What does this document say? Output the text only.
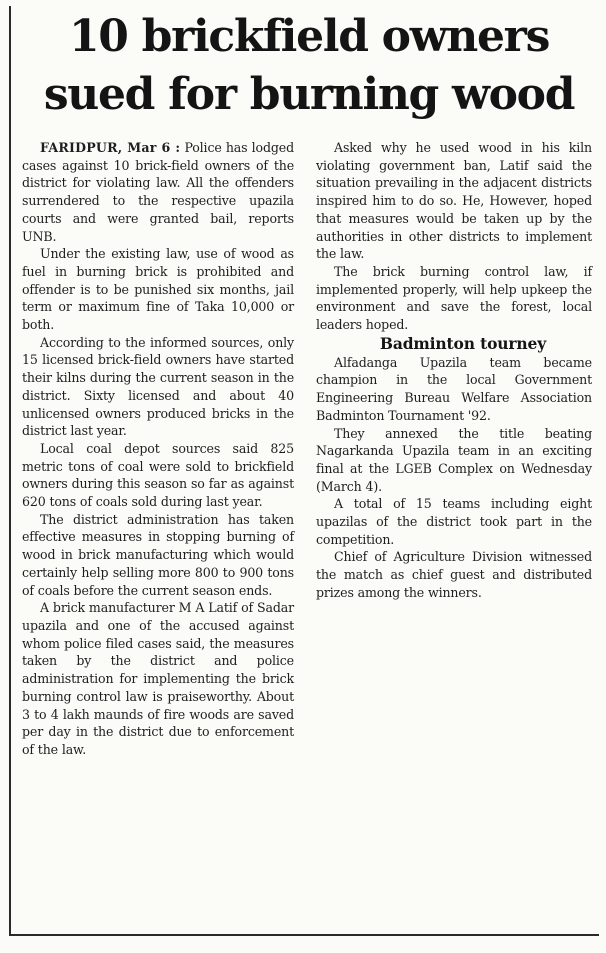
10 brickfield owners
sued for burning wood

FARIDPUR, Mar 6 : Police has lodged cases against 10 brick-field owners of the district for violating law. All the offenders surrendered to the respective upazila courts and were granted bail, reports UNB.

Under the existing law, use of wood as fuel in burning brick is prohibited and offender is to be punished six months, jail term or maximum fine of Taka 10,000 or both.

According to the informed sources, only 15 licensed brick-field owners have started their kilns during the current season in the district. Sixty licensed and about 40 unlicensed owners produced bricks in the district last year.

Local coal depot sources said 825 metric tons of coal were sold to brickfield owners during this season so far as against 620 tons of coals sold during last year.

The district administration has taken effective measures in stopping burning of wood in brick manufacturing which would certainly help selling more 800 to 900 tons of coals before the current season ends.

A brick manufacturer M A Latif of Sadar upazila and one of the accused against whom police filed cases said, the measures taken by the district and police administration for implementing the brick burning control law is praiseworthy. About 3 to 4 lakh maunds of fire woods are saved per day in the district due to enforcement of the law.

Asked why he used wood in his kiln violating government ban, Latif said the situation prevailing in the adjacent districts inspired him to do so. He, However, hoped that measures would be taken up by the authorities in other districts to implement the law.

The brick burning control law, if implemented properly, will help upkeep the environment and save the forest, local leaders hoped.

Badminton tourney

Alfadanga Upazila team became champion in the local Government Engineering Bureau Welfare Association Badminton Tournament '92.

They annexed the title beating Nagarkanda Upazila team in an exciting final at the LGEB Complex on Wednesday (March 4).

A total of 15 teams including eight upazilas of the district took part in the competition.

Chief of Agriculture Division witnessed the match as chief guest and distributed prizes among the winners.
